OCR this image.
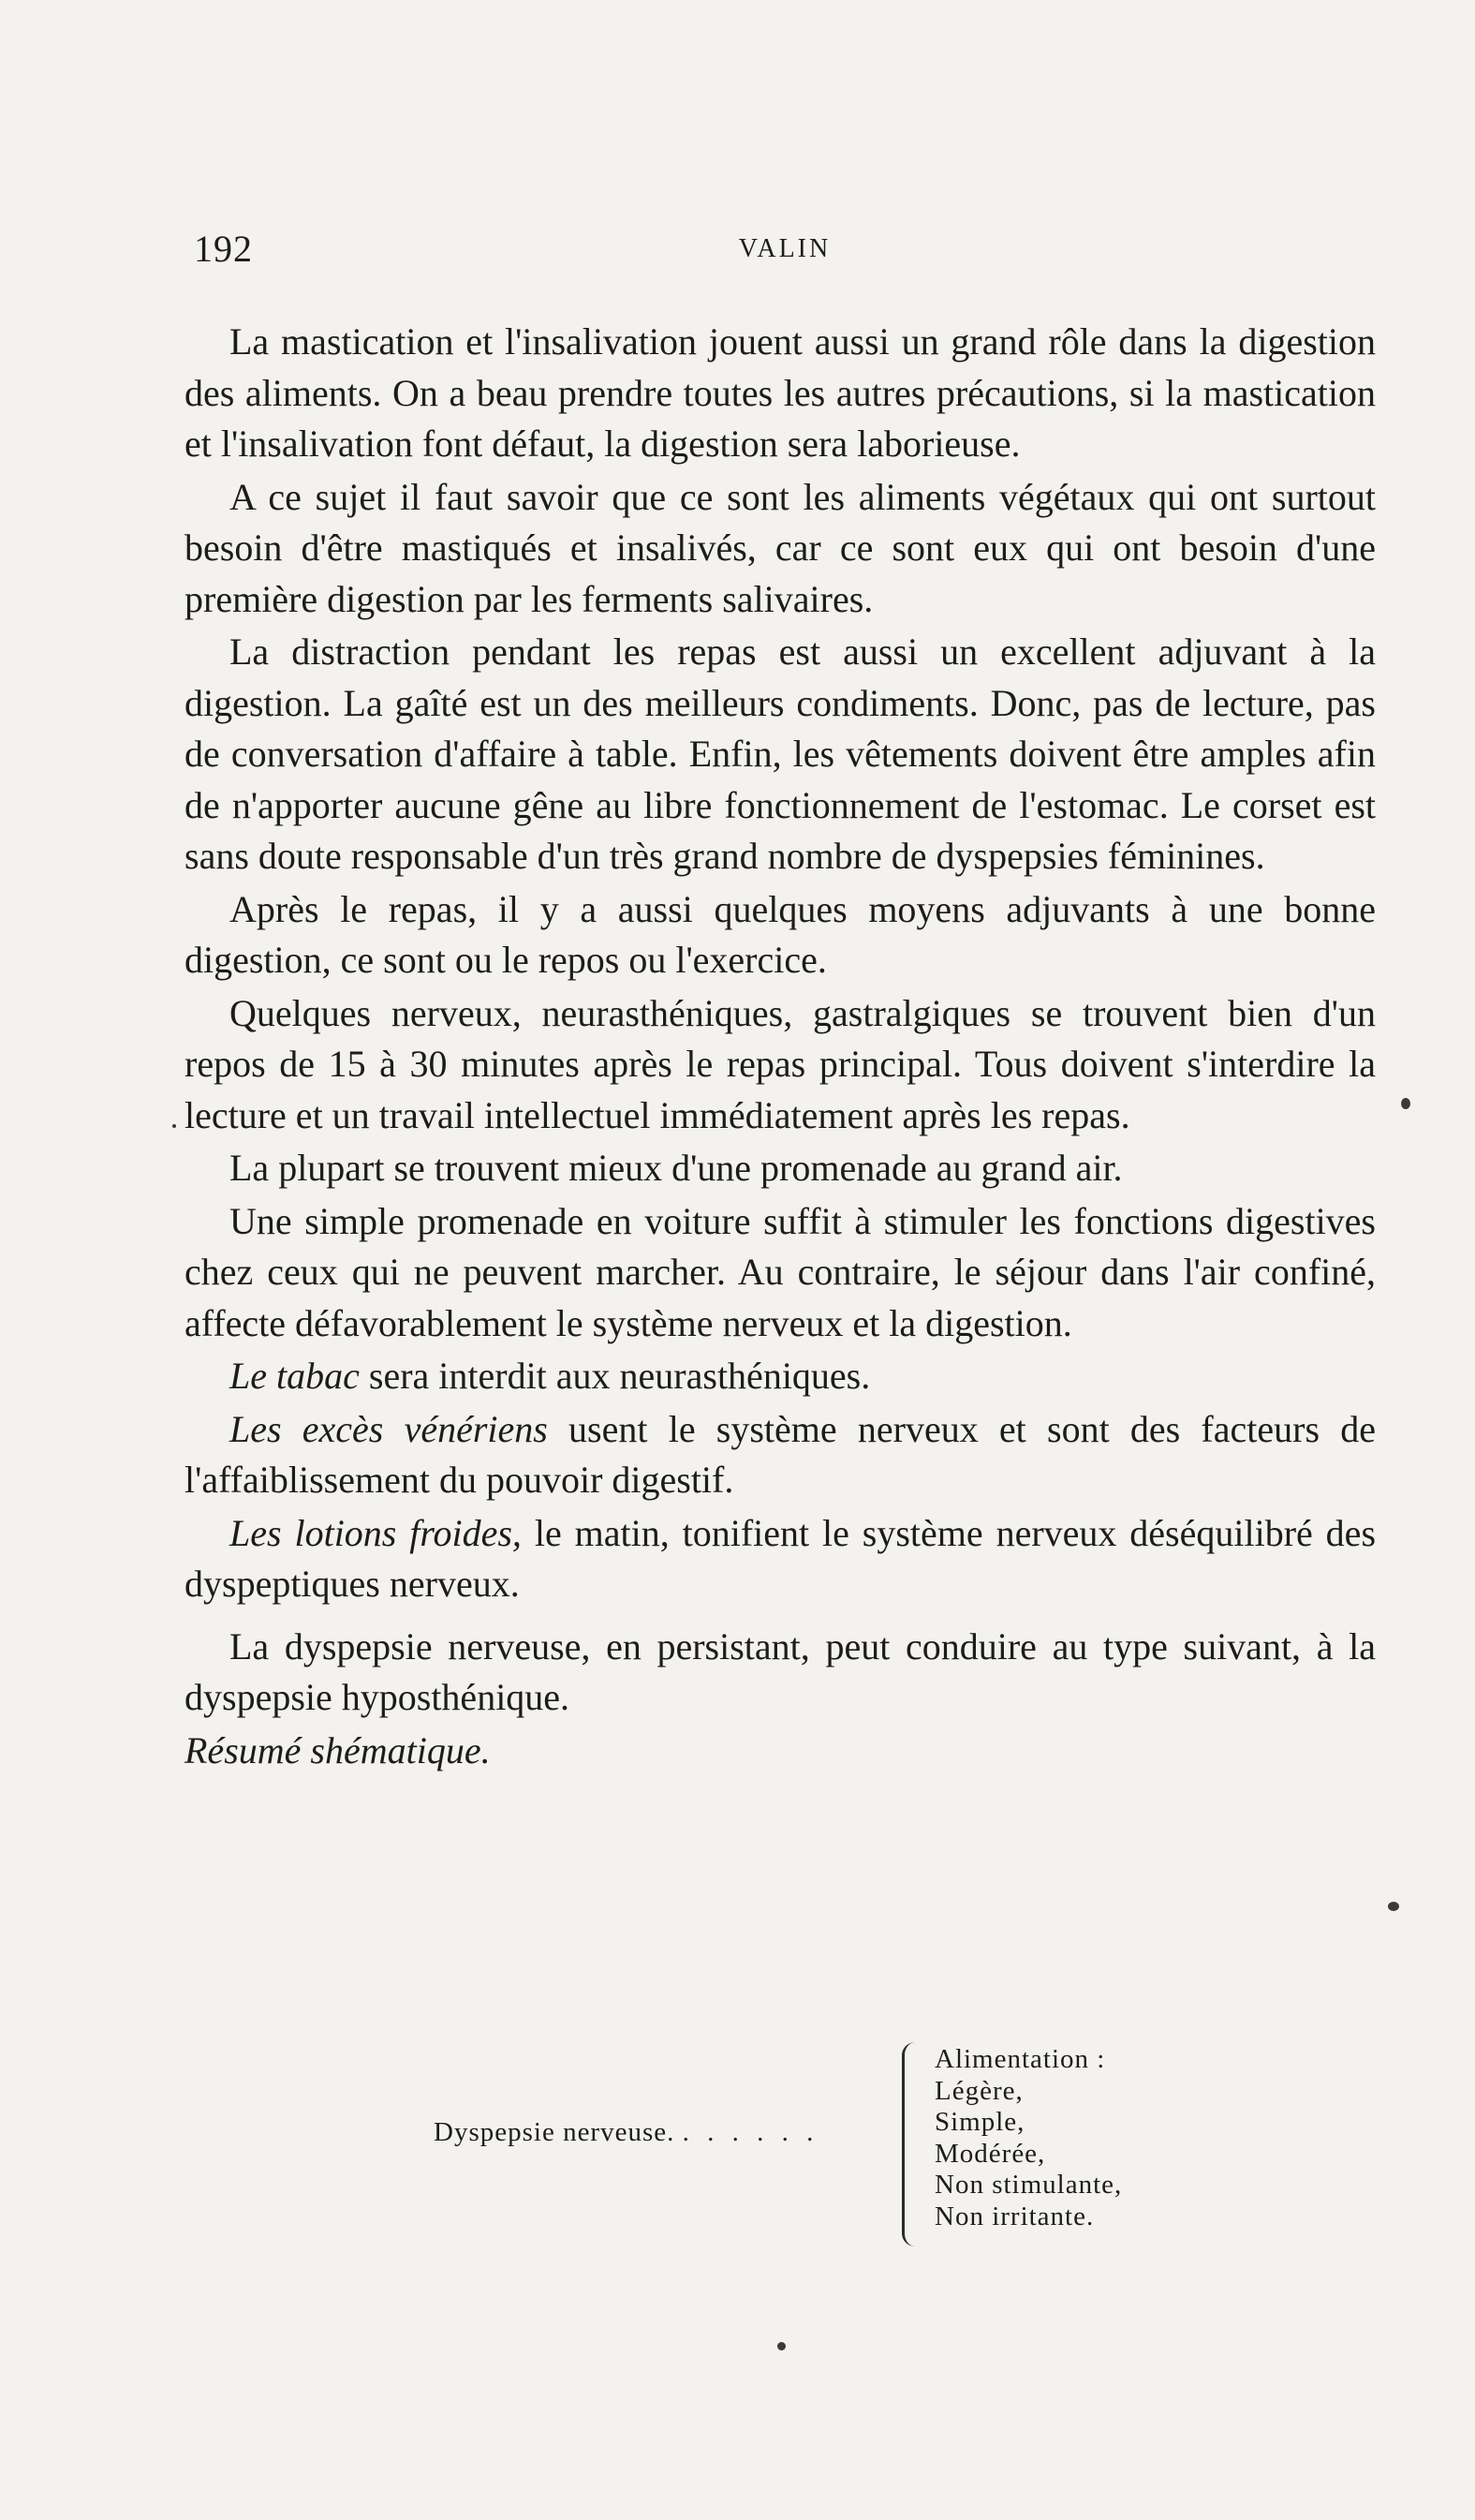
192	VALIN

La mastication et l'insalivation jouent aussi un grand rôle dans la digestion des aliments. On a beau prendre toutes les autres précautions, si la mastication et l'insalivation font défaut, la digestion sera laborieuse.

A ce sujet il faut savoir que ce sont les aliments végétaux qui ont surtout besoin d'être mastiqués et insalivés, car ce sont eux qui ont besoin d'une première digestion par les ferments salivaires.

La distraction pendant les repas est aussi un excellent adjuvant à la digestion. La gaîté est un des meilleurs condiments. Donc, pas de lecture, pas de conversation d'affaire à table. Enfin, les vêtements doivent être amples afin de n'apporter aucune gêne au libre fonctionnement de l'estomac. Le corset est sans doute responsable d'un très grand nombre de dyspepsies féminines.

Après le repas, il y a aussi quelques moyens adjuvants à une bonne digestion, ce sont ou le repos ou l'exercice.

Quelques nerveux, neurasthéniques, gastralgiques se trouvent bien d'un repos de 15 à 30 minutes après le repas principal. Tous doivent s'interdire la lecture et un travail intellectuel immédiatement après les repas.

La plupart se trouvent mieux d'une promenade au grand air.

Une simple promenade en voiture suffit à stimuler les fonctions digestives chez ceux qui ne peuvent marcher. Au contraire, le séjour dans l'air confiné, affecte défavorablement le système nerveux et la digestion.

Le tabac sera interdit aux neurasthéniques.

Les excès vénériens usent le système nerveux et sont des facteurs de l'affaiblissement du pouvoir digestif.

Les lotions froides, le matin, tonifient le système nerveux déséquilibré des dyspeptiques nerveux.

La dyspepsie nerveuse, en persistant, peut conduire au type suivant, à la dyspepsie hyposthénique.

Résumé shématique.

Dyspepsie nerveuse. . . . . . .
Alimentation :
Légère,
Simple,
Modérée,
Non stimulante,
Non irritante.
